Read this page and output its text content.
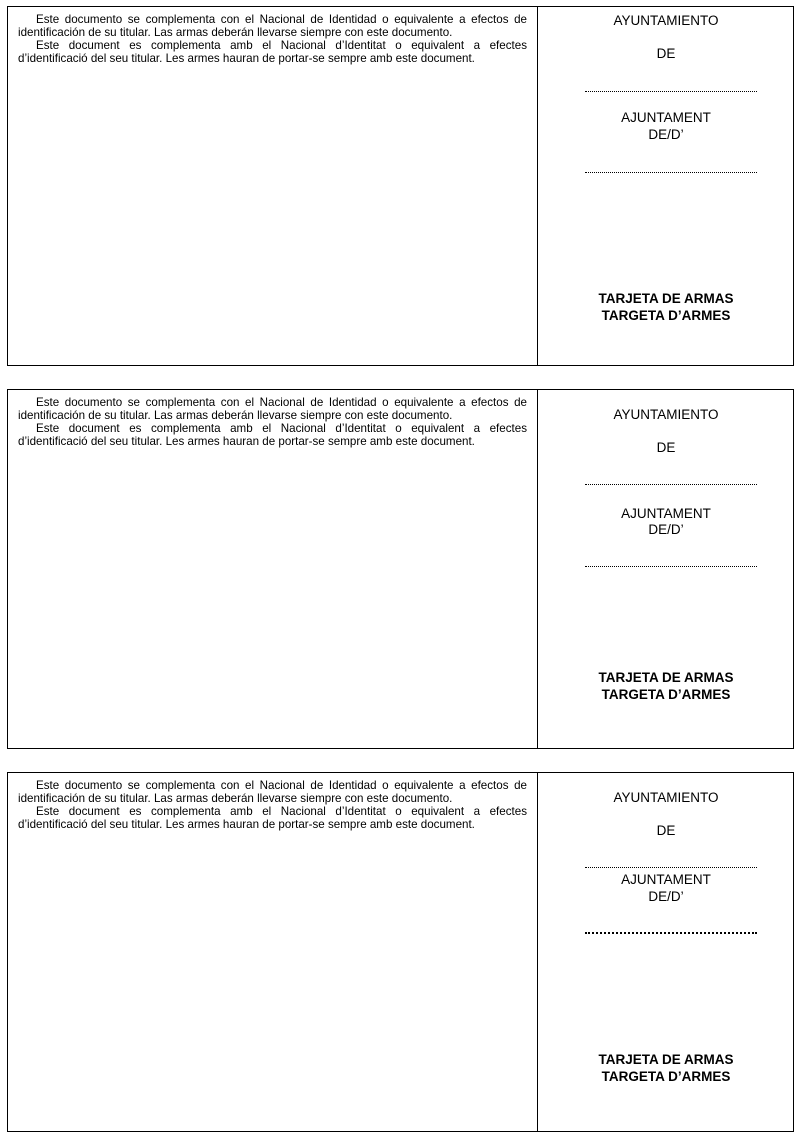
Este documento se complementa con el Nacional de Identidad o equivalente a efectos de identificación de su titular. Las armas deberán llevarse siempre con este documento.

Este document es complementa amb el Nacional d’Identitat o equivalent a efectes d’identificació del seu titular. Les armes hauran de portar-se sempre amb este document.

AYUNTAMIENTO
DE
AJUNTAMENT
DE/D’
TARJETA DE ARMAS
TARGETA D’ARMES

Este documento se complementa con el Nacional de Identidad o equivalente a efectos de identificación de su titular. Las armas deberán llevarse siempre con este documento.

Este document es complementa amb el Nacional d’Identitat o equivalent a efectes d’identificació del seu titular. Les armes hauran de portar-se sempre amb este document.

AYUNTAMIENTO
DE
AJUNTAMENT
DE/D’
TARJETA DE ARMAS
TARGETA D’ARMES

Este documento se complementa con el Nacional de Identidad o equivalente a efectos de identificación de su titular. Las armas deberán llevarse siempre con este documento.

Este document es complementa amb el Nacional d’Identitat o equivalent a efectes d’identificació del seu titular. Les armes hauran de portar-se sempre amb este document.

AYUNTAMIENTO
DE
AJUNTAMENT
DE/D’
TARJETA DE ARMAS
TARGETA D’ARMES
